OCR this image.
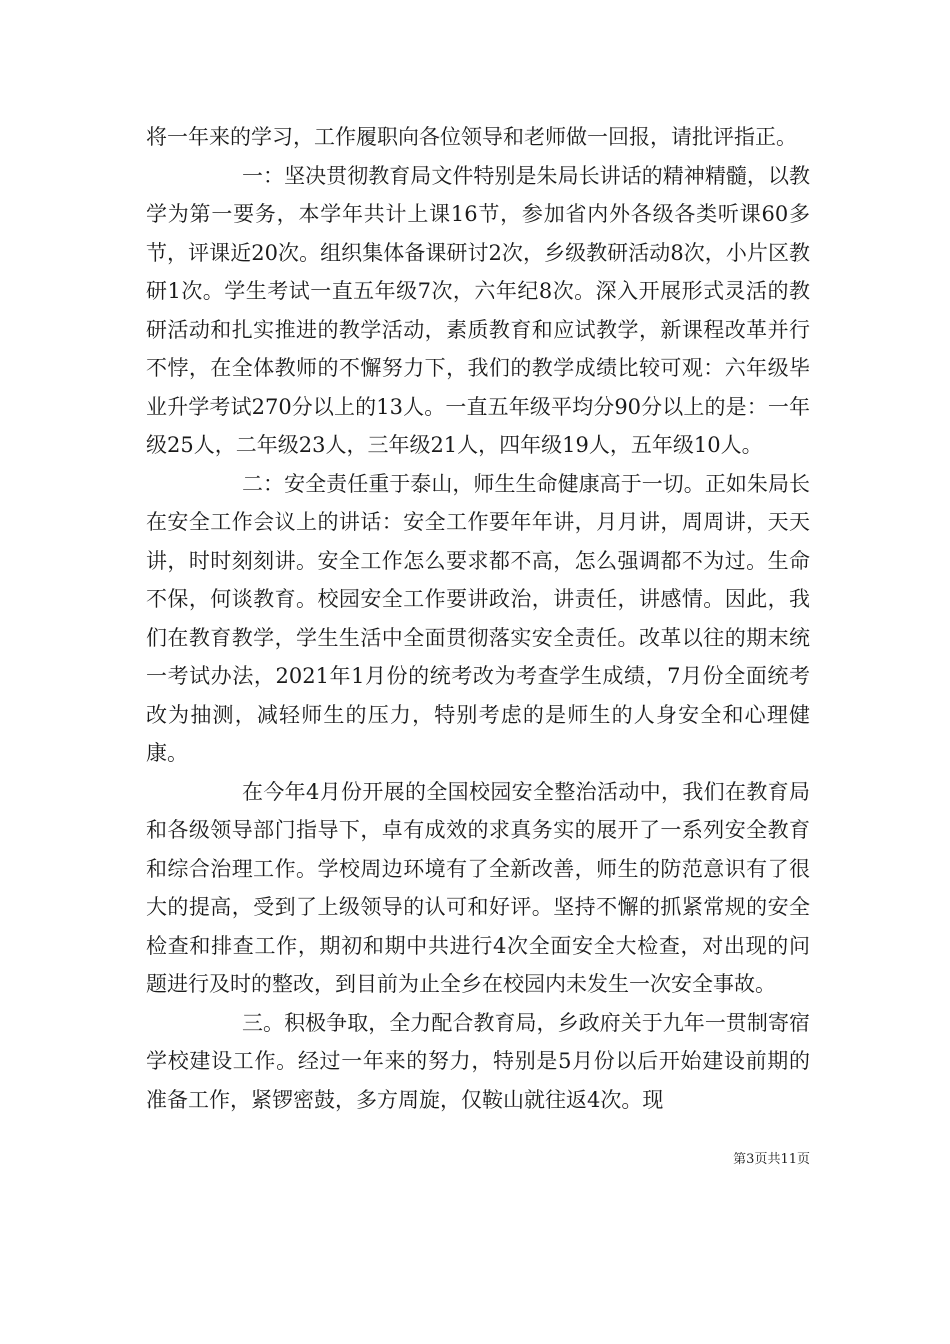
将一年来的学习，工作履职向各位领导和老师做一回报，请批评指正。

一：坚决贯彻教育局文件特别是朱局长讲话的精神精髓，以教学为第一要务，本学年共计上课16节，参加省内外各级各类听课60多节，评课近20次。组织集体备课研讨2次，乡级教研活动8次，小片区教研1次。学生考试一直五年级7次，六年纪8次。深入开展形式灵活的教研活动和扎实推进的教学活动，素质教育和应试教学，新课程改革并行不悖，在全体教师的不懈努力下，我们的教学成绩比较可观：六年级毕业升学考试270分以上的13人。一直五年级平均分90分以上的是：一年级25人，二年级23人，三年级21人，四年级19人，五年级10人。

二：安全责任重于泰山，师生生命健康高于一切。正如朱局长在安全工作会议上的讲话：安全工作要年年讲，月月讲，周周讲，天天讲，时时刻刻讲。安全工作怎么要求都不高，怎么强调都不为过。生命不保，何谈教育。校园安全工作要讲政治，讲责任，讲感情。因此，我们在教育教学，学生生活中全面贯彻落实安全责任。改革以往的期末统一考试办法，2021年1月份的统考改为考查学生成绩，7月份全面统考改为抽测，减轻师生的压力，特别考虑的是师生的人身安全和心理健康。

在今年4月份开展的全国校园安全整治活动中，我们在教育局和各级领导部门指导下，卓有成效的求真务实的展开了一系列安全教育和综合治理工作。学校周边环境有了全新改善，师生的防范意识有了很大的提高，受到了上级领导的认可和好评。坚持不懈的抓紧常规的安全检查和排查工作，期初和期中共进行4次全面安全大检查，对出现的问题进行及时的整改，到目前为止全乡在校园内未发生一次安全事故。

三。积极争取，全力配合教育局，乡政府关于九年一贯制寄宿学校建设工作。经过一年来的努力，特别是5月份以后开始建设前期的准备工作，紧锣密鼓，多方周旋，仅鞍山就往返4次。现

第3页共11页
